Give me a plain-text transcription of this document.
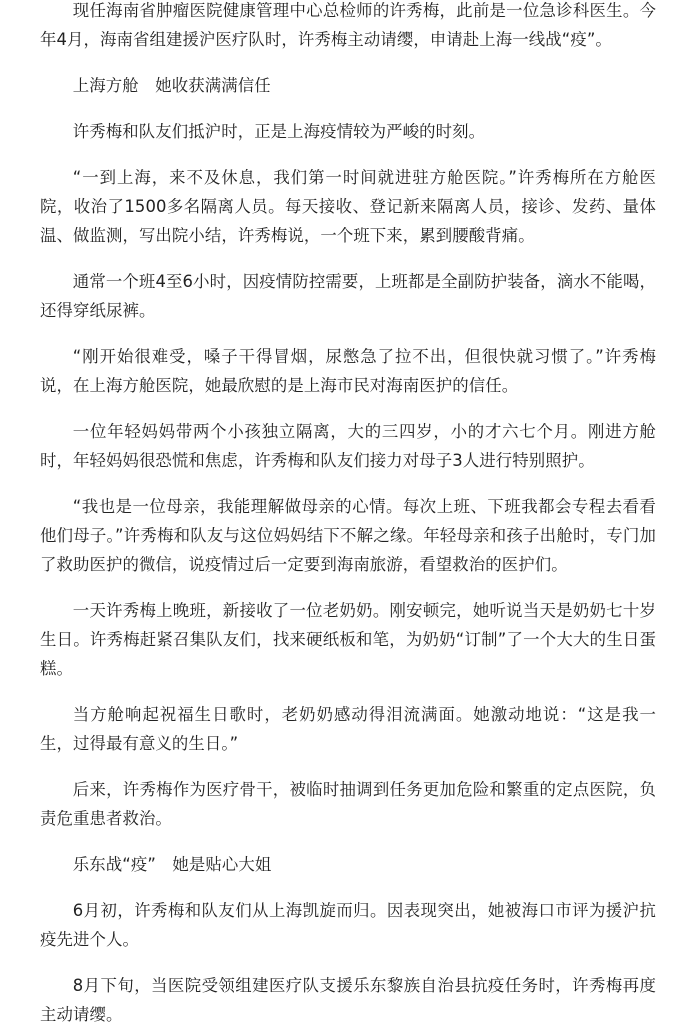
现任海南省肿瘤医院健康管理中心总检师的许秀梅，此前是一位急诊科医生。今年4月，海南省组建援沪医疗队时，许秀梅主动请缨，申请赴上海一线战“疫”。

上海方舱　她收获满满信任

许秀梅和队友们抵沪时，正是上海疫情较为严峻的时刻。

“一到上海，来不及休息，我们第一时间就进驻方舱医院。”许秀梅所在方舱医院，收治了1500多名隔离人员。每天接收、登记新来隔离人员，接诊、发药、量体温、做监测，写出院小结，许秀梅说，一个班下来，累到腰酸背痛。

通常一个班4至6小时，因疫情防控需要，上班都是全副防护装备，滴水不能喝，还得穿纸尿裤。

“刚开始很难受，嗓子干得冒烟，尿憋急了拉不出，但很快就习惯了。”许秀梅说，在上海方舱医院，她最欣慰的是上海市民对海南医护的信任。

一位年轻妈妈带两个小孩独立隔离，大的三四岁，小的才六七个月。刚进方舱时，年轻妈妈很恐慌和焦虑，许秀梅和队友们接力对母子3人进行特别照护。

“我也是一位母亲，我能理解做母亲的心情。每次上班、下班我都会专程去看看他们母子。”许秀梅和队友与这位妈妈结下不解之缘。年轻母亲和孩子出舱时，专门加了救助医护的微信，说疫情过后一定要到海南旅游，看望救治的医护们。

一天许秀梅上晚班，新接收了一位老奶奶。刚安顿完，她听说当天是奶奶七十岁生日。许秀梅赶紧召集队友们，找来硬纸板和笔，为奶奶“订制”了一个大大的生日蛋糕。

当方舱响起祝福生日歌时，老奶奶感动得泪流满面。她激动地说：“这是我一生，过得最有意义的生日。”

后来，许秀梅作为医疗骨干，被临时抽调到任务更加危险和繁重的定点医院，负责危重患者救治。

乐东战“疫”　她是贴心大姐

6月初，许秀梅和队友们从上海凯旋而归。因表现突出，她被海口市评为援沪抗疫先进个人。

8月下旬，当医院受领组建医疗队支援乐东黎族自治县抗疫任务时，许秀梅再度主动请缨。
